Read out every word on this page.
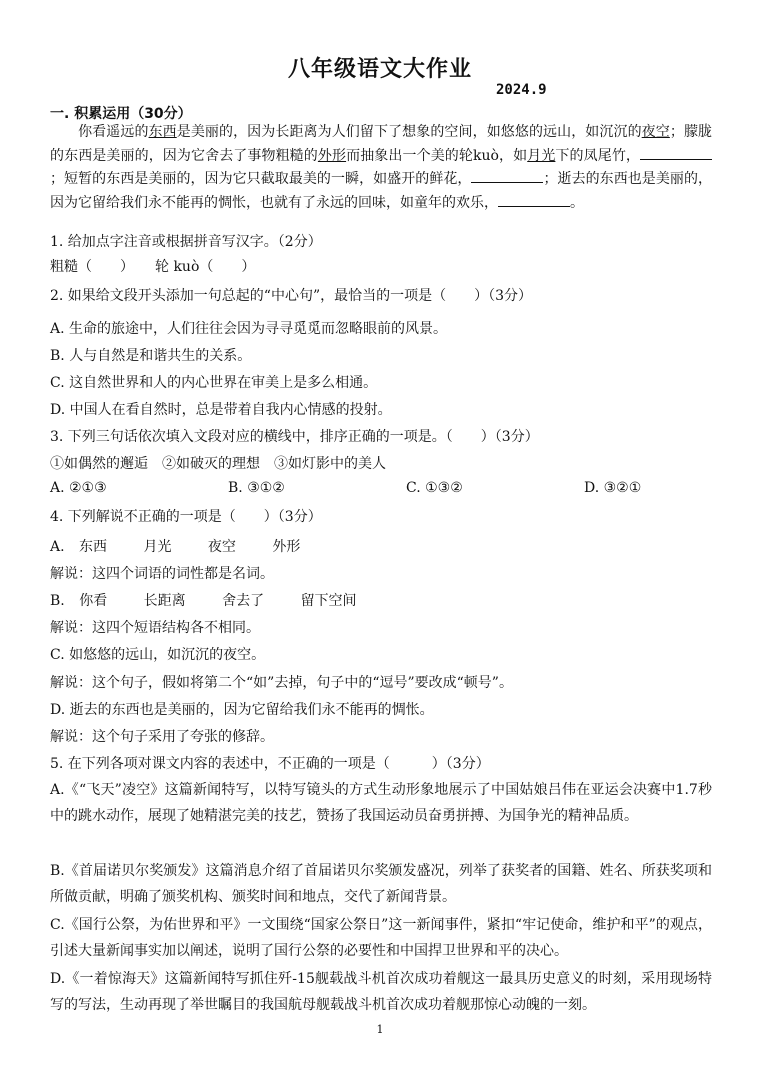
八年级语文大作业
2024.9
一. 积累运用（30分）
你看遥远的东西是美丽的，因为长距离为人们留下了想象的空间，如悠悠的远山，如沉沉的夜空；朦胧的东西是美丽的，因为它舍去了事物粗糙的外形而抽象出一个美的轮kuò，如月光下的凤尾竹，；短暂的东西是美丽的，因为它只截取最美的一瞬，如盛开的鲜花，	；逝去的东西也是美丽的，因为它留给我们永不能再的惆怅，也就有了永远的回味，如童年的欢乐，	。
1. 给加点字注音或根据拼音写汉字。（2分）
粗糙（　　）　　轮 kuò（　　）
2. 如果给文段开头添加一句总起的“中心句”，最恰当的一项是（　　）（3分）
A. 生命的旅途中，人们往往会因为寻寻觅觅而忽略眼前的风景。
B. 人与自然是和谐共生的关系。
C. 这自然世界和人的内心世界在审美上是多么相通。
D. 中国人在看自然时，总是带着自我内心情感的投射。
3. 下列三句话依次填入文段对应的横线中，排序正确的一项是。（　　）（3分）
①如偶然的邂逅　②如破灭的理想　③如灯影中的美人
A. ②①③	B. ③①②	C. ①③②	D. ③②①
4. 下列解说不正确的一项是（　　）（3分）
A. 东西	月光	夜空	外形
解说：这四个词语的词性都是名词。
B. 你看	长距离	舍去了	留下空间
解说：这四个短语结构各不相同。
C. 如悠悠的远山，如沉沉的夜空。
解说：这个句子，假如将第二个“如”去掉，句子中的“逗号”要改成“顿号”。
D. 逝去的东西也是美丽的，因为它留给我们永不能再的惆怅。
解说：这个句子采用了夸张的修辞。
5. 在下列各项对课文内容的表述中，不正确的一项是（　　　）（3分）
A.《“飞天”凌空》这篇新闻特写，以特写镜头的方式生动形象地展示了中国姑娘吕伟在亚运会决赛中1.7秒中的跳水动作，展现了她精湛完美的技艺，赞扬了我国运动员奋勇拼搏、为国争光的精神品质。
B.《首届诺贝尔奖颁发》这篇消息介绍了首届诺贝尔奖颁发盛况，列举了获奖者的国籍、姓名、所获奖项和所做贡献，明确了颁奖机构、颁奖时间和地点，交代了新闻背景。
C.《国行公祭，为佑世界和平》一文围绕“国家公祭日”这一新闻事件，紧扣“牢记使命，维护和平”的观点，引述大量新闻事实加以阐述，说明了国行公祭的必要性和中国捍卫世界和平的决心。
D.《一着惊海天》这篇新闻特写抓住歼-15舰载战斗机首次成功着舰这一最具历史意义的时刻，采用现场特写的写法，生动再现了举世瞩目的我国航母舰载战斗机首次成功着舰那惊心动魄的一刻。
1
